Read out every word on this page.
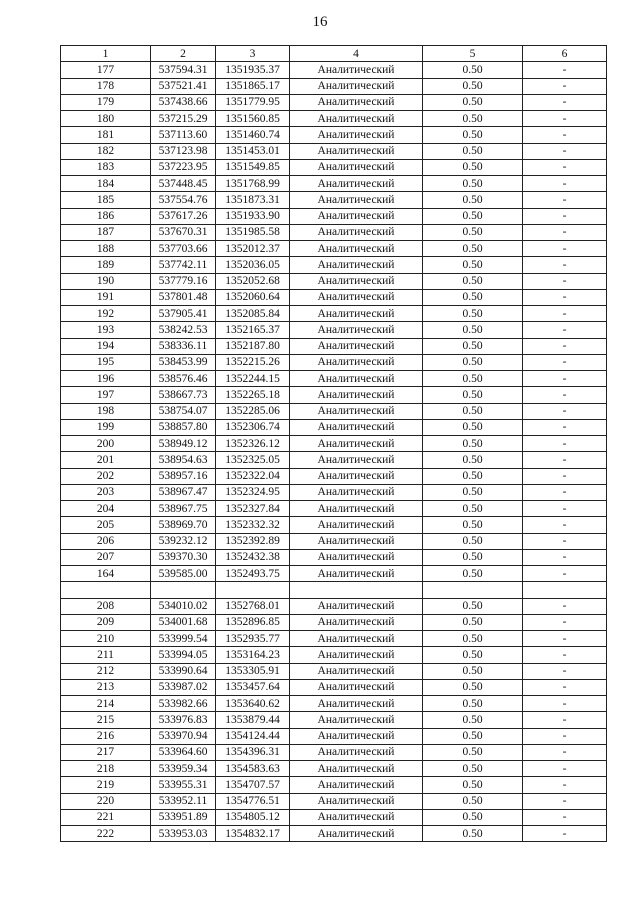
16
1	2	3	4	5	6
177	537594.31	1351935.37	Аналитический	0.50	-
178	537521.41	1351865.17	Аналитический	0.50	-
179	537438.66	1351779.95	Аналитический	0.50	-
180	537215.29	1351560.85	Аналитический	0.50	-
181	537113.60	1351460.74	Аналитический	0.50	-
182	537123.98	1351453.01	Аналитический	0.50	-
183	537223.95	1351549.85	Аналитический	0.50	-
184	537448.45	1351768.99	Аналитический	0.50	-
185	537554.76	1351873.31	Аналитический	0.50	-
186	537617.26	1351933.90	Аналитический	0.50	-
187	537670.31	1351985.58	Аналитический	0.50	-
188	537703.66	1352012.37	Аналитический	0.50	-
189	537742.11	1352036.05	Аналитический	0.50	-
190	537779.16	1352052.68	Аналитический	0.50	-
191	537801.48	1352060.64	Аналитический	0.50	-
192	537905.41	1352085.84	Аналитический	0.50	-
193	538242.53	1352165.37	Аналитический	0.50	-
194	538336.11	1352187.80	Аналитический	0.50	-
195	538453.99	1352215.26	Аналитический	0.50	-
196	538576.46	1352244.15	Аналитический	0.50	-
197	538667.73	1352265.18	Аналитический	0.50	-
198	538754.07	1352285.06	Аналитический	0.50	-
199	538857.80	1352306.74	Аналитический	0.50	-
200	538949.12	1352326.12	Аналитический	0.50	-
201	538954.63	1352325.05	Аналитический	0.50	-
202	538957.16	1352322.04	Аналитический	0.50	-
203	538967.47	1352324.95	Аналитический	0.50	-
204	538967.75	1352327.84	Аналитический	0.50	-
205	538969.70	1352332.32	Аналитический	0.50	-
206	539232.12	1352392.89	Аналитический	0.50	-
207	539370.30	1352432.38	Аналитический	0.50	-
164	539585.00	1352493.75	Аналитический	0.50	-

208	534010.02	1352768.01	Аналитический	0.50	-
209	534001.68	1352896.85	Аналитический	0.50	-
210	533999.54	1352935.77	Аналитический	0.50	-
211	533994.05	1353164.23	Аналитический	0.50	-
212	533990.64	1353305.91	Аналитический	0.50	-
213	533987.02	1353457.64	Аналитический	0.50	-
214	533982.66	1353640.62	Аналитический	0.50	-
215	533976.83	1353879.44	Аналитический	0.50	-
216	533970.94	1354124.44	Аналитический	0.50	-
217	533964.60	1354396.31	Аналитический	0.50	-
218	533959.34	1354583.63	Аналитический	0.50	-
219	533955.31	1354707.57	Аналитический	0.50	-
220	533952.11	1354776.51	Аналитический	0.50	-
221	533951.89	1354805.12	Аналитический	0.50	-
222	533953.03	1354832.17	Аналитический	0.50	-
